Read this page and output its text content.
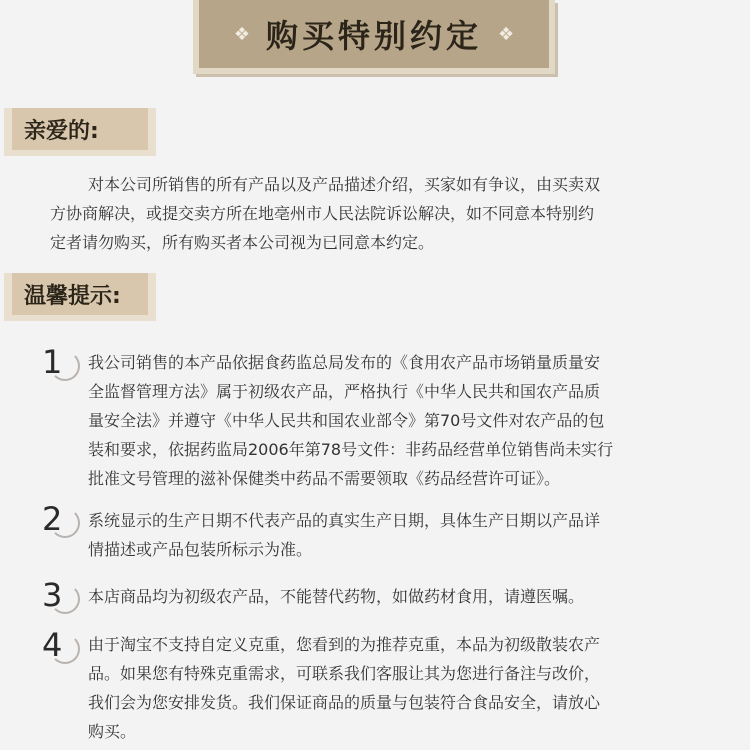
❖ 购买特别约定 ❖
亲爱的:
对本公司所销售的所有产品以及产品描述介绍，买家如有争议，由买卖双
方协商解决，或提交卖方所在地亳州市人民法院诉讼解决，如不同意本特别约
定者请勿购买，所有购买者本公司视为已同意本约定。
温馨提示:
1 我公司销售的本产品依据食药监总局发布的《食用农产品市场销量质量安
全监督管理方法》属于初级农产品，严格执行《中华人民共和国农产品质
量安全法》并遵守《中华人民共和国农业部令》第70号文件对农产品的包
装和要求，依据药监局2006年第78号文件：非药品经营单位销售尚未实行
批准文号管理的滋补保健类中药品不需要领取《药品经营许可证》。
2 系统显示的生产日期不代表产品的真实生产日期，具体生产日期以产品详
情描述或产品包装所标示为准。
3 本店商品均为初级农产品，不能替代药物，如做药材食用，请遵医嘱。
4 由于淘宝不支持自定义克重，您看到的为推荐克重，本品为初级散装农产
品。如果您有特殊克重需求，可联系我们客服让其为您进行备注与改价，
我们会为您安排发货。我们保证商品的质量与包装符合食品安全，请放心
购买。
